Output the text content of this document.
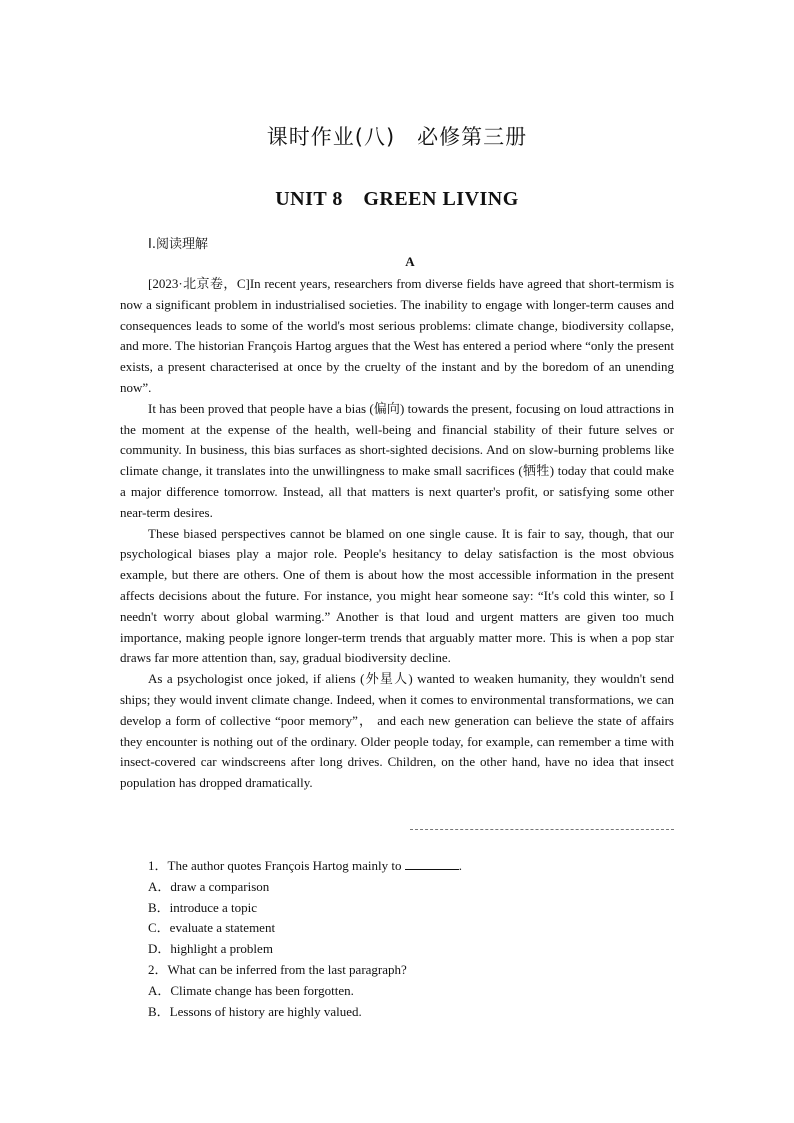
课时作业(八)　必修第三册
UNIT 8　GREEN LIVING
Ⅰ.阅读理解
A

[2023·北京卷，C]In recent years, researchers from diverse fields have agreed that short-termism is now a significant problem in industrialised societies. The inability to engage with longer-term causes and consequences leads to some of the world's most serious problems: climate change, biodiversity collapse, and more. The historian François Hartog argues that the West has entered a period where “only the present exists, a present characterised at once by the cruelty of the instant and by the boredom of an unending now”.

It has been proved that people have a bias (偏向) towards the present, focusing on loud attractions in the moment at the expense of the health, well-being and financial stability of their future selves or community. In business, this bias surfaces as short-sighted decisions. And on slow-burning problems like climate change, it translates into the unwillingness to make small sacrifices (牺牲) today that could make a major difference tomorrow. Instead, all that matters is next quarter's profit, or satisfying some other near-term desires.

These biased perspectives cannot be blamed on one single cause. It is fair to say, though, that our psychological biases play a major role. People's hesitancy to delay satisfaction is the most obvious example, but there are others. One of them is about how the most accessible information in the present affects decisions about the future. For instance, you might hear someone say: “It's cold this winter, so I needn't worry about global warming.” Another is that loud and urgent matters are given too much importance, making people ignore longer-term trends that arguably matter more. This is when a pop star draws far more attention than, say, gradual biodiversity decline.

As a psychologist once joked, if aliens (外星人) wanted to weaken humanity, they wouldn't send ships; they would invent climate change. Indeed, when it comes to environmental transformations, we can develop a form of collective “poor memory”， and each new generation can believe the state of affairs they encounter is nothing out of the ordinary. Older people today, for example, can remember a time with insect-covered car windscreens after long drives. Children, on the other hand, have no idea that insect population has dropped dramatically.

1．The author quotes François Hartog mainly to	.
A．draw a comparison
B．introduce a topic
C．evaluate a statement
D．highlight a problem
2．What can be inferred from the last paragraph?
A．Climate change has been forgotten.
B．Lessons of history are highly valued.
